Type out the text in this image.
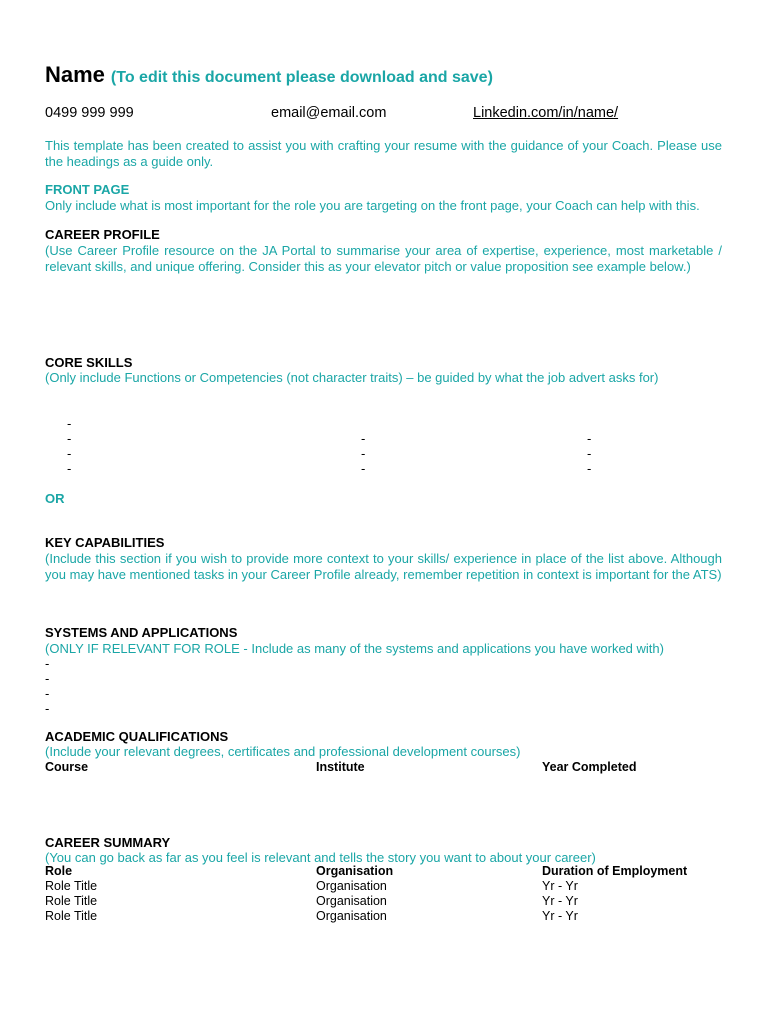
Name (To edit this document please download and save)
0499 999 999	email@email.com	Linkedin.com/in/name/
This template has been created to assist you with crafting your resume with the guidance of your Coach. Please use the headings as a guide only.
FRONT PAGE
Only include what is most important for the role you are targeting on the front page, your Coach can help with this.
CAREER PROFILE
(Use Career Profile resource on the JA Portal to summarise your area of expertise, experience, most marketable / relevant skills, and unique offering. Consider this as your elevator pitch or value proposition see example below.)
CORE SKILLS
(Only include Functions or Competencies (not character traits) – be guided by what the job advert asks for)
-
-
-
-
-
-
-
-
-
-
OR
KEY CAPABILITIES
(Include this section if you wish to provide more context to your skills/ experience in place of the list above. Although you may have mentioned tasks in your Career Profile already, remember repetition in context is important for the ATS)
SYSTEMS AND APPLICATIONS
(ONLY IF RELEVANT FOR ROLE - Include as many of the systems and applications you have worked with)
-
-
-
-
ACADEMIC QUALIFICATIONS
(Include your relevant degrees, certificates and professional development courses)
Course	Institute	Year Completed
CAREER SUMMARY
(You can go back as far as you feel is relevant and tells the story you want to about your career)
Role	Organisation	Duration of Employment
Role Title	Organisation	Yr - Yr
Role Title	Organisation	Yr - Yr
Role Title	Organisation	Yr - Yr
